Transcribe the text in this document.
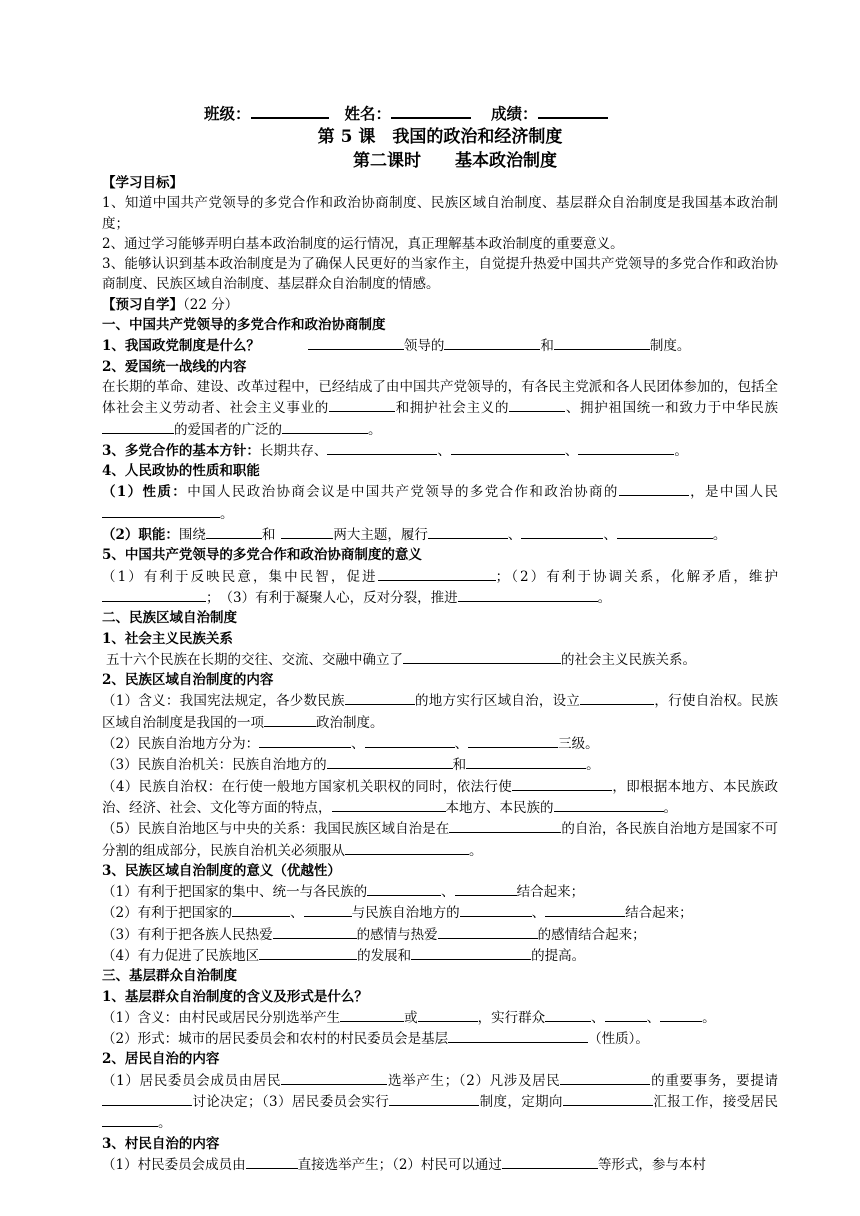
班级：	姓名：	成绩：
第 5 课　我国的政治和经济制度
第二课时　　基本政治制度
【学习目标】
1、知道中国共产党领导的多党合作和政治协商制度、民族区域自治制度、基层群众自治制度是我国基本政治制度；
2、通过学习能够弄明白基本政治制度的运行情况，真正理解基本政治制度的重要意义。
3、能够认识到基本政治制度是为了确保人民更好的当家作主，自觉提升热爱中国共产党领导的多党合作和政治协商制度、民族区域自治制度、基层群众自治制度的情感。
【预习自学】（22 分）
一、中国共产党领导的多党合作和政治协商制度
1、我国政党制度是什么？	领导的	和	制度。
2、爱国统一战线的内容
在长期的革命、建设、改革过程中，已经结成了由中国共产党领导的，有各民主党派和各人民团体参加的，包括全体社会主义劳动者、社会主义事业的	和拥护社会主义的	、拥护祖国统一和致力于中华民族的爱国者的广泛的	。
3、多党合作的基本方针：长期共存、	、	、	。
4、人民政协的性质和职能
（1）性质：中国人民政治协商会议是中国共产党领导的多党合作和政治协商的	，是中国人民。
（2）职能：围绕	和	两大主题，履行	、	、	。
5、中国共产党领导的多党合作和政治协商制度的意义
（1）有利于反映民意，集中民智，促进	；（2）有利于协调关系，化解矛盾，维护；　（3）有利于凝聚人心，反对分裂，推进	。
二、民族区域自治制度
1、社会主义民族关系
五十六个民族在长期的交往、交流、交融中确立了	的社会主义民族关系。
2、民族区域自治制度的内容
（1）含义：我国宪法规定，各少数民族	的地方实行区域自治，设立	，行使自治权。民族区域自治制度是我国的一项	政治制度。
（2）民族自治地方分为：	、	、	三级。
（3）民族自治机关：民族自治地方的	和	。
（4）民族自治权：在行使一般地方国家机关职权的同时，依法行使	，即根据本地方、本民族政治、经济、社会、文化等方面的特点，	本地方、本民族的	。
（5）民族自治地区与中央的关系：我国民族区域自治是在	的自治，各民族自治地方是国家不可分割的组成部分，民族自治机关必须服从	。
3、民族区域自治制度的意义（优越性）
（1）有利于把国家的集中、统一与各民族的	、	结合起来；
（2）有利于把国家的	、	与民族自治地方的	、	结合起来；
（3）有利于把各族人民热爱	的感情与热爱	的感情结合起来；
（4）有力促进了民族地区	的发展和	的提高。
三、基层群众自治制度
1、基层群众自治制度的含义及形式是什么？
（1）含义：由村民或居民分别选举产生	或	，实行群众	、	、	。
（2）形式：城市的居民委员会和农村的村民委员会是基层	（性质）。
2、居民自治的内容
（1）居民委员会成员由居民	选举产生；（2）凡涉及居民	的重要事务，要提请讨论决定；（3）居民委员会实行	制度，定期向	汇报工作，接受居民。
3、村民自治的内容
（1）村民委员会成员由	直接选举产生；（2）村民可以通过	等形式，参与本村
